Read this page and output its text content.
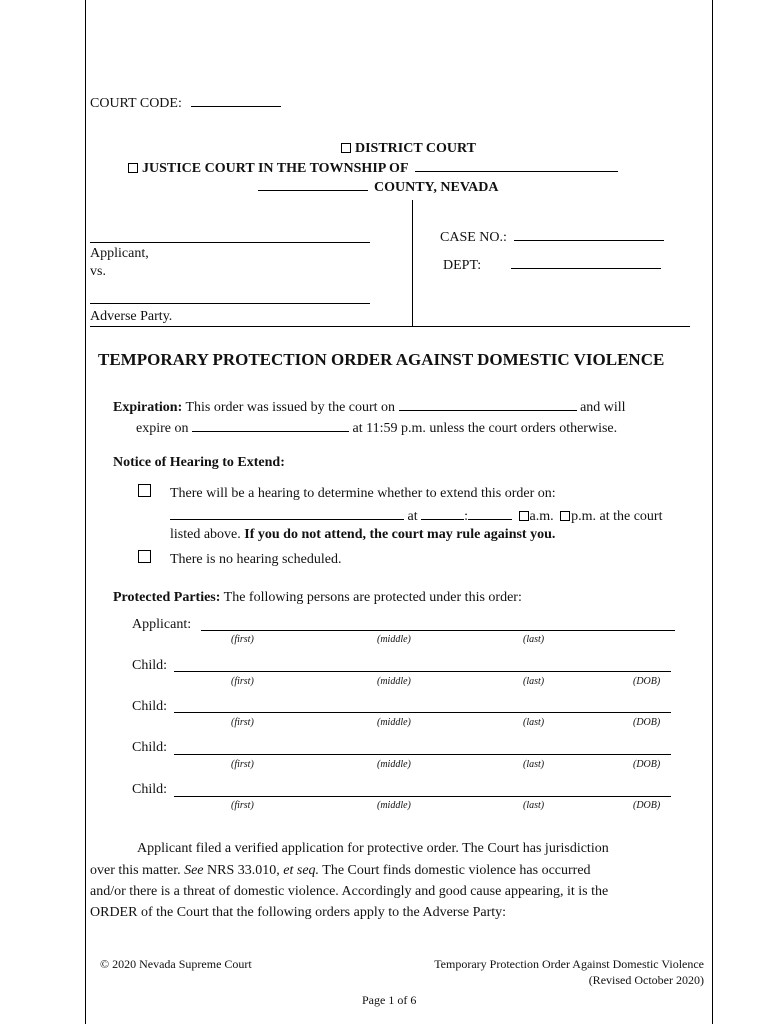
COURT CODE:
DISTRICT COURT
JUSTICE COURT IN THE TOWNSHIP OF
COUNTY, NEVADA
Applicant,
vs.
Adverse Party.
CASE NO.:
DEPT:
TEMPORARY PROTECTION ORDER AGAINST DOMESTIC VIOLENCE
Expiration: This order was issued by the court on	and will
expire on	at 11:59 p.m. unless the court orders otherwise.
Notice of Hearing to Extend:
There will be a hearing to determine whether to extend this order on:
at	:	a.m. p.m. at the court
listed above. If you do not attend, the court may rule against you.
There is no hearing scheduled.
Protected Parties: The following persons are protected under this order:
Applicant:
(first)	(middle)	(last)
Child:
(first)	(middle)	(last)	(DOB)
Child:
(first)	(middle)	(last)	(DOB)
Child:
(first)	(middle)	(last)	(DOB)
Child:
(first)	(middle)	(last)	(DOB)
Applicant filed a verified application for protective order. The Court has jurisdiction
over this matter. See NRS 33.010, et seq. The Court finds domestic violence has occurred
and/or there is a threat of domestic violence. Accordingly and good cause appearing, it is the
ORDER of the Court that the following orders apply to the Adverse Party:
© 2020 Nevada Supreme Court	Temporary Protection Order Against Domestic Violence
(Revised October 2020)
Page 1 of 6
